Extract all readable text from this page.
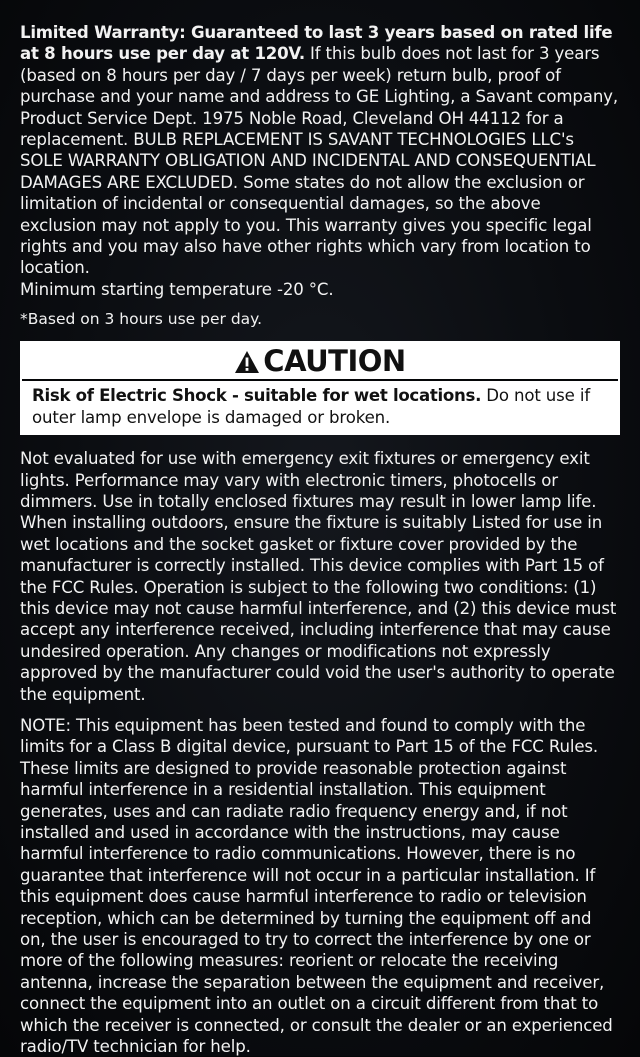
Limited Warranty: Guaranteed to last 3 years based on rated life at 8 hours use per day at 120V. If this bulb does not last for 3 years (based on 8 hours per day / 7 days per week) return bulb, proof of purchase and your name and address to GE Lighting, a Savant company, Product Service Dept. 1975 Noble Road, Cleveland OH 44112 for a replacement. BULB REPLACEMENT IS SAVANT TECHNOLOGIES LLC's SOLE WARRANTY OBLIGATION AND INCIDENTAL AND CONSEQUENTIAL DAMAGES ARE EXCLUDED. Some states do not allow the exclusion or limitation of incidental or consequential damages, so the above exclusion may not apply to you. This warranty gives you specific legal rights and you may also have other rights which vary from location to location.
Minimum starting temperature -20 °C.

*Based on 3 hours use per day.

CAUTION
Risk of Electric Shock - suitable for wet locations. Do not use if outer lamp envelope is damaged or broken.

Not evaluated for use with emergency exit fixtures or emergency exit lights. Performance may vary with electronic timers, photocells or dimmers. Use in totally enclosed fixtures may result in lower lamp life. When installing outdoors, ensure the fixture is suitably Listed for use in wet locations and the socket gasket or fixture cover provided by the manufacturer is correctly installed. This device complies with Part 15 of the FCC Rules. Operation is subject to the following two conditions: (1) this device may not cause harmful interference, and (2) this device must accept any interference received, including interference that may cause undesired operation. Any changes or modifications not expressly approved by the manufacturer could void the user's authority to operate the equipment.

NOTE: This equipment has been tested and found to comply with the limits for a Class B digital device, pursuant to Part 15 of the FCC Rules. These limits are designed to provide reasonable protection against harmful interference in a residential installation. This equipment generates, uses and can radiate radio frequency energy and, if not installed and used in accordance with the instructions, may cause harmful interference to radio communications. However, there is no guarantee that interference will not occur in a particular installation. If this equipment does cause harmful interference to radio or television reception, which can be determined by turning the equipment off and on, the user is encouraged to try to correct the interference by one or more of the following measures: reorient or relocate the receiving antenna, increase the separation between the equipment and receiver, connect the equipment into an outlet on a circuit different from that to which the receiver is connected, or consult the dealer or an experienced radio/TV technician for help.
